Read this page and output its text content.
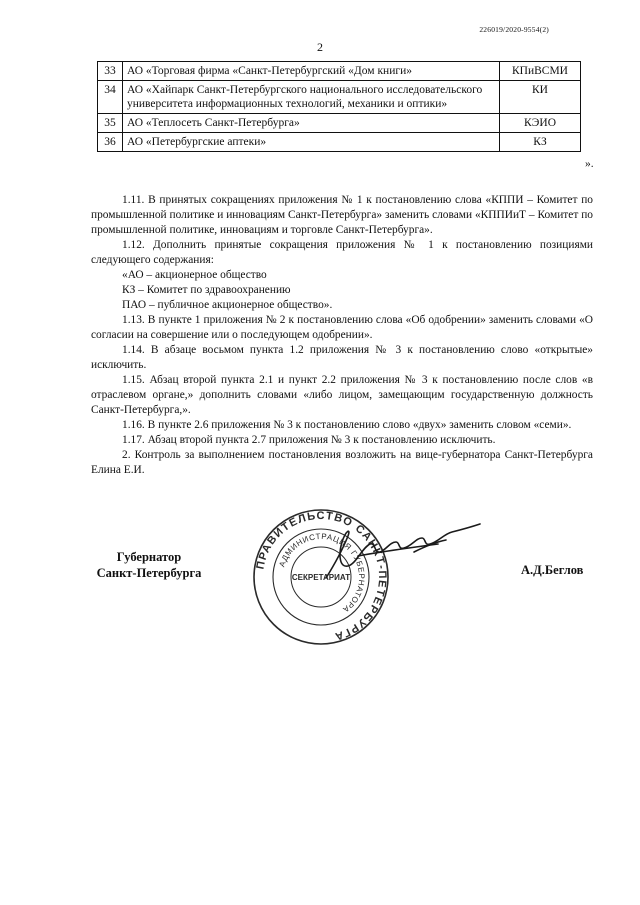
226019/2020-9554(2)
2
33	АО «Торговая фирма «Санкт-Петербургский «Дом книги»	КПиВСМИ
34	АО «Хайпарк Санкт-Петербургского национального исследовательского университета информационных технологий, механики и оптики»	КИ
35	АО «Теплосеть Санкт-Петербурга»	КЭИО
36	АО «Петербургские аптеки»	КЗ
».

1.11. В принятых сокращениях приложения № 1 к постановлению слова «КППИ – Комитет по промышленной политике и инновациям Санкт-Петербурга» заменить словами «КППИиТ – Комитет по промышленной политике, инновациям и торговле Санкт-Петербурга».

1.12. Дополнить принятые сокращения приложения № 1 к постановлению позициями следующего содержания:

«АО – акционерное общество

КЗ – Комитет по здравоохранению

ПАО – публичное акционерное общество».

1.13. В пункте 1 приложения № 2 к постановлению слова «Об одобрении» заменить словами «О согласии на совершение или о последующем одобрении».

1.14. В абзаце восьмом пункта 1.2 приложения № 3 к постановлению слово «открытые» исключить.

1.15. Абзац второй пункта 2.1 и пункт 2.2 приложения № 3 к постановлению после слов «в отраслевом органе,» дополнить словами «либо лицом, замещающим государственную должность Санкт-Петербурга,».

1.16. В пункте 2.6 приложения № 3 к постановлению слово «двух» заменить словом «семи».

1.17. Абзац второй пункта 2.7 приложения № 3 к постановлению исключить.

2. Контроль за выполнением постановления возложить на вице-губернатора Санкт-Петербурга Елина Е.И.

Губернатор
Санкт-Петербурга	А.Д.Беглов
ПРАВИТЕЛЬСТВО САНКТ-ПЕТЕРБУРГА
АДМИНИСТРАЦИЯ ГУБЕРНАТОРА
СЕКРЕТАРИАТ
